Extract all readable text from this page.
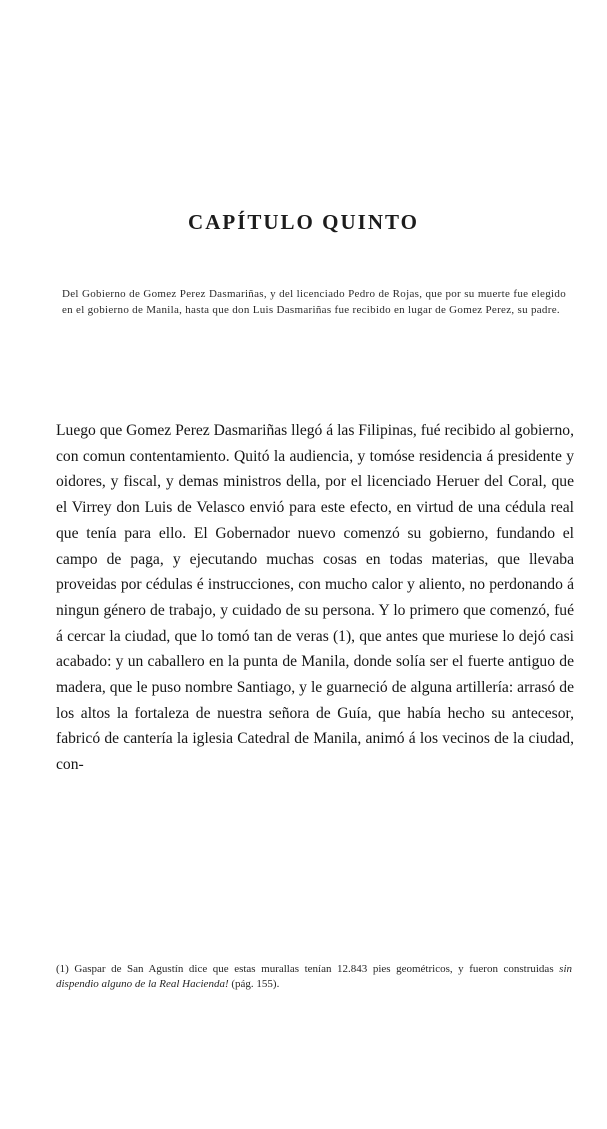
CAPÍTULO QUINTO

Del Gobierno de Gomez Perez Dasmariñas, y del licenciado Pedro de Rojas, que por su muerte fue elegido en el gobierno de Manila, hasta que don Luis Dasmariñas fue recibido en lugar de Gomez Perez, su padre.

Luego que Gomez Perez Dasmariñas llegó á las Filipinas, fué recibido al gobierno, con comun contentamiento. Quitó la audiencia, y tomóse residencia á presidente y oidores, y fiscal, y demas ministros della, por el licenciado Heruer del Coral, que el Virrey don Luis de Velasco envió para este efecto, en virtud de una cédula real que tenía para ello. El Gobernador nuevo comenzó su gobierno, fundando el campo de paga, y ejecutando muchas cosas en todas materias, que llevaba proveidas por cédulas é instrucciones, con mucho calor y aliento, no perdonando á ningun género de trabajo, y cuidado de su persona. Y lo primero que comenzó, fué á cercar la ciudad, que lo tomó tan de veras (1), que antes que muriese lo dejó casi acabado: y un caballero en la punta de Manila, donde solía ser el fuerte antiguo de madera, que le puso nombre Santiago, y le guarneció de alguna artillería: arrasó de los altos la fortaleza de nuestra señora de Guía, que había hecho su antecesor, fabricó de cantería la iglesia Catedral de Manila, animó á los vecinos de la ciudad, con-

(1) Gaspar de San Agustín dice que estas murallas tenían 12.843 pies geométricos, y fueron construidas sin dispendio alguno de la Real Hacienda! (pág. 155).
